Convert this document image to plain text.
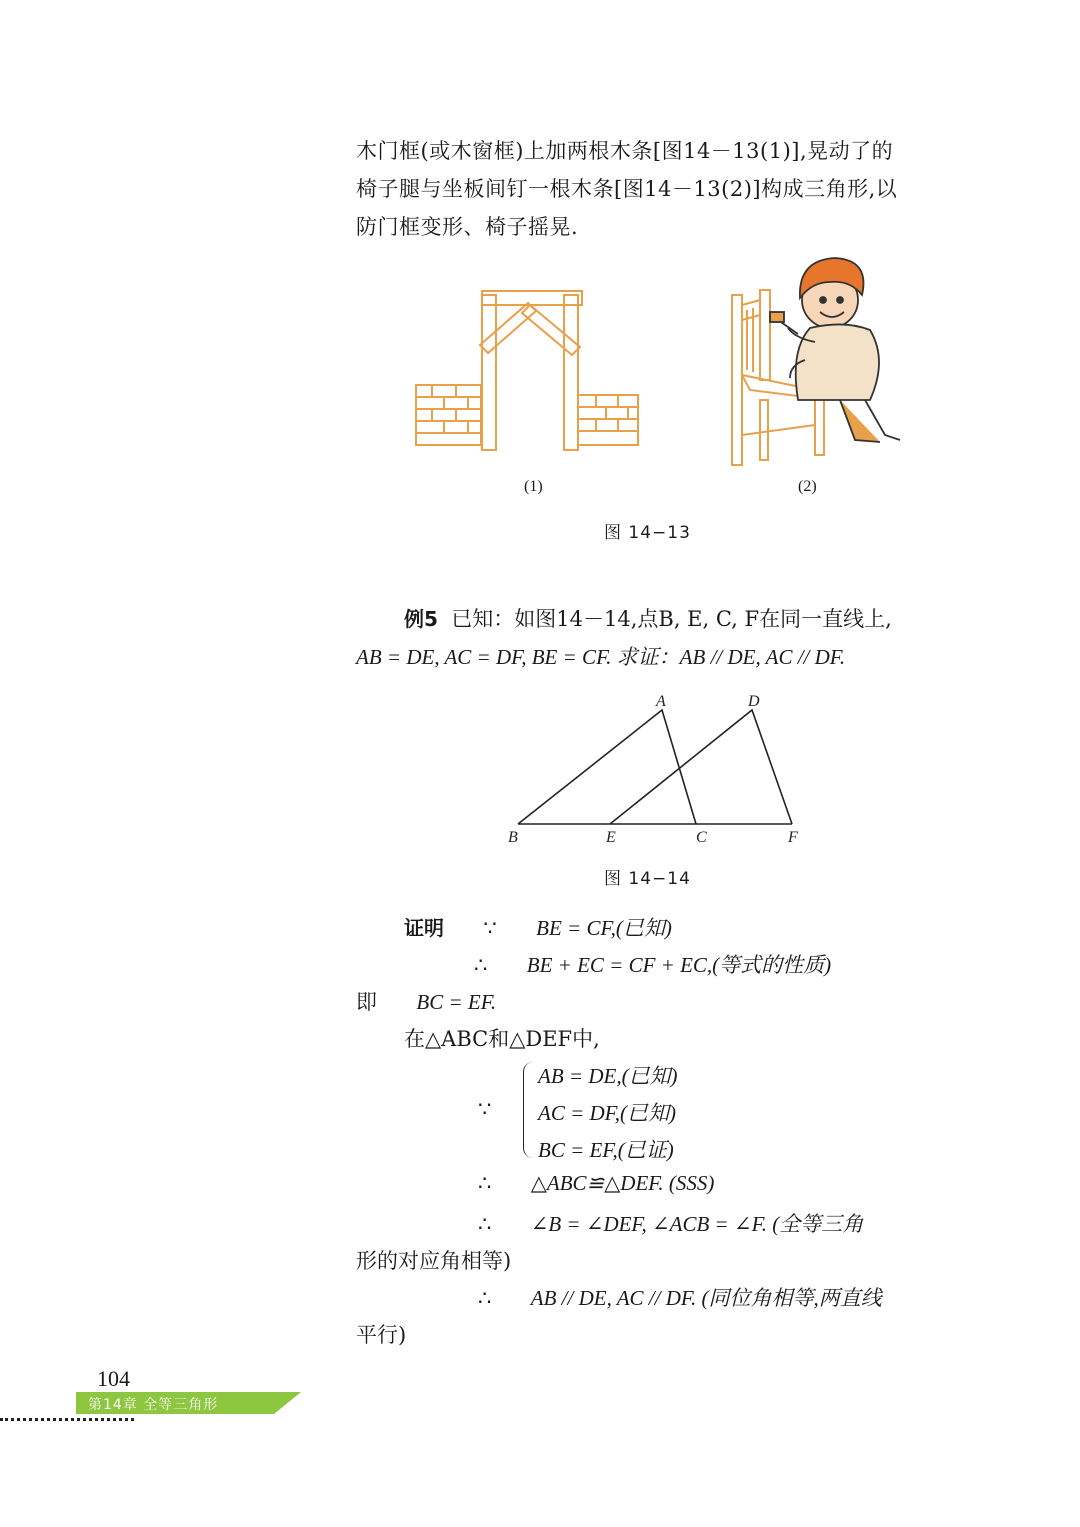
木门框(或木窗框)上加两根木条[图14－13(1)],晃动了的
椅子腿与坐板间钉一根木条[图14－13(2)]构成三角形,以
防门框变形、椅子摇晃.
(1)	(2)
图 14−13
例5 已知：如图14－14,点B, E, C, F在同一直线上,
AB = DE, AC = DF, BE = CF. 求证：AB // DE, AC // DF.
A	D
B	E	C	F
图 14−14
证明 ∵ BE = CF,(已知)
∴ BE + EC = CF + EC,(等式的性质)
即 BC = EF.
在△ABC和△DEF中,
∵
AB = DE,(已知)
AC = DF,(已知)
BC = EF,(已证)
∴ △ABC≌△DEF. (SSS)
∴ ∠B = ∠DEF, ∠ACB = ∠F. (全等三角
形的对应角相等)
∴ AB // DE, AC // DF. (同位角相等,两直线
平行)
104
第14章 全等三角形
